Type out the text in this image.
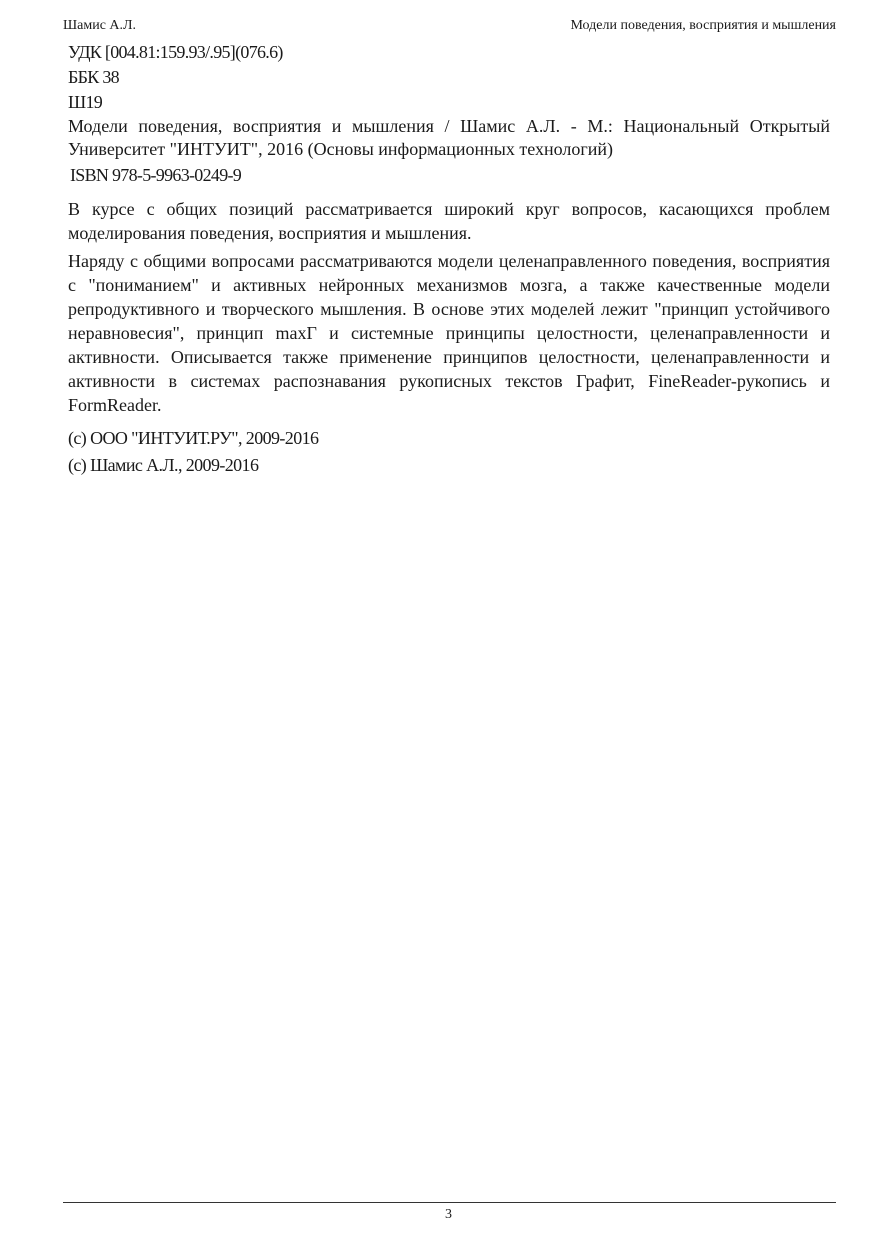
Шамис А.Л.	Модели поведения, восприятия и мышления
УДК [004.81:159.93/.95](076.6)
ББК 38
Ш19

Модели поведения, восприятия и мышления / Шамис А.Л. - М.: Национальный Открытый Университет "ИНТУИТ", 2016 (Основы информационных технологий)

ISBN 978-5-9963-0249-9

В курсе с общих позиций рассматривается широкий круг вопросов, касающихся проблем моделирования поведения, восприятия и мышления.

Наряду с общими вопросами рассматриваются модели целенаправленного поведения, восприятия с "пониманием" и активных нейронных механизмов мозга, а также качественные модели репродуктивного и творческого мышления. В основе этих моделей лежит "принцип устойчивого неравновесия", принцип maxГ и системные принципы целостности, целенаправленности и активности. Описывается также применение принципов целостности, целенаправленности и активности в системах распознавания рукописных текстов Графит, FineReader-рукопись и FormReader.

(c) ООО "ИНТУИТ.РУ", 2009-2016

(c) Шамис А.Л., 2009-2016

3
